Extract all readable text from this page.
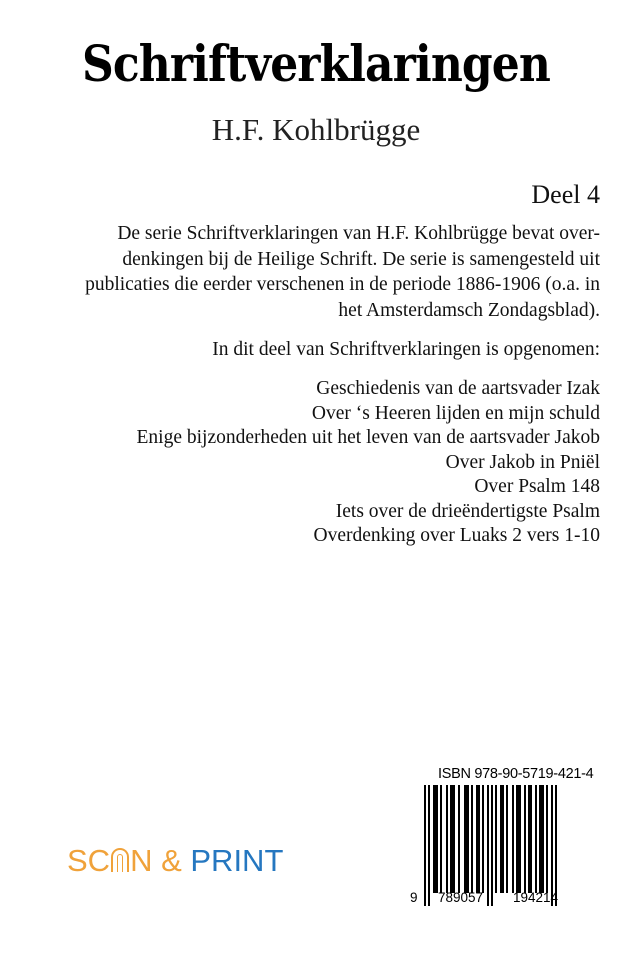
Schriftverklaringen
H.F. Kohlbrügge
Deel 4
De serie Schriftverklaringen van H.F. Kohlbrügge bevat over-
denkingen bij de Heilige Schrift. De serie is samengesteld uit
publicaties die eerder verschenen in de periode 1886-1906 (o.a. in
het Amsterdamsch Zondagsblad).
In dit deel van Schriftverklaringen is opgenomen:
Geschiedenis van de aartsvader Izak
Over ‘s Heeren lijden en mijn schuld
Enige bijzonderheden uit het leven van de aartsvader Jakob
Over Jakob in Pniël
Over Psalm 148
Iets over de drieëndertigste Psalm
Overdenking over Luaks 2 vers 1-10
ISBN 978-90-5719-421-4
9 789057 194214
SC N & PRINT
